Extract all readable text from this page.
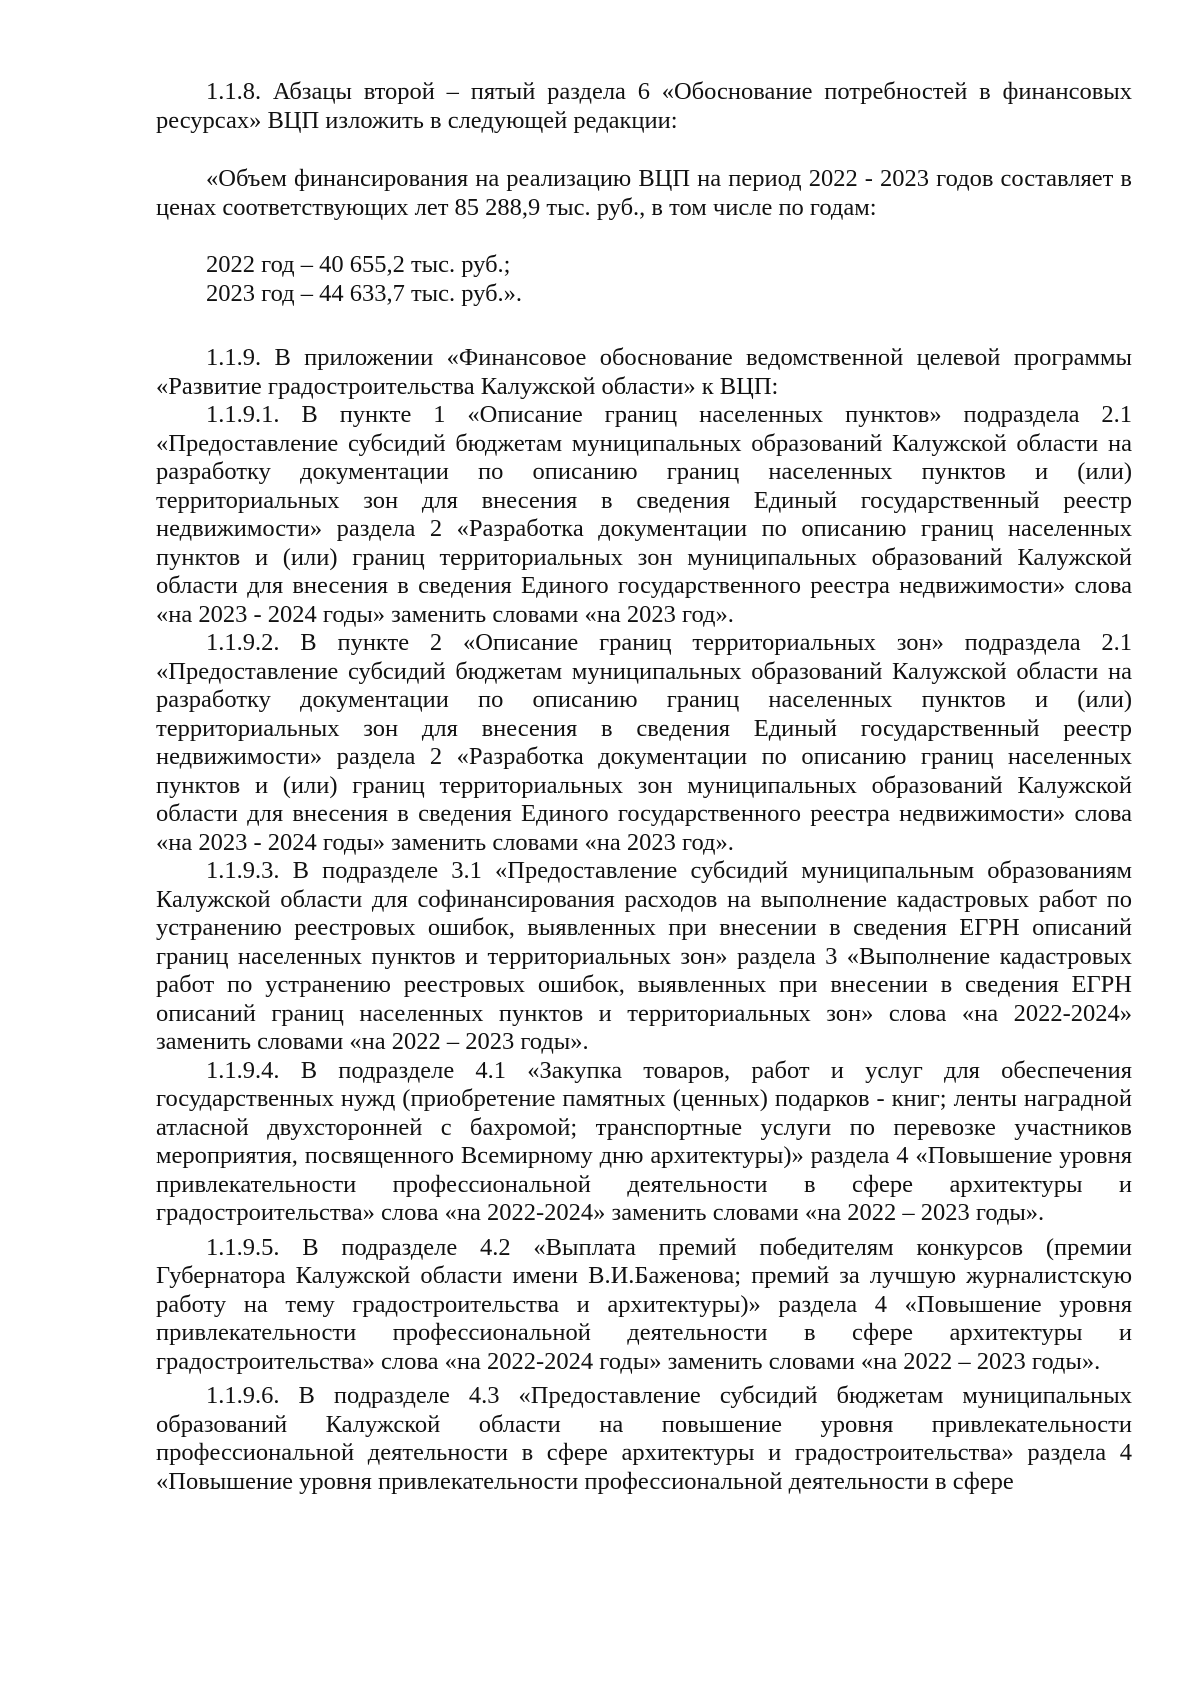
1.1.8. Абзацы второй – пятый раздела 6 «Обоснование потребностей в финансовых ресурсах» ВЦП изложить в следующей редакции:

«Объем финансирования на реализацию ВЦП на период 2022 - 2023 годов составляет в ценах соответствующих лет 85 288,9 тыс. руб., в том числе по годам:

2022 год – 40 655,2 тыс. руб.;

2023 год – 44 633,7 тыс. руб.».

1.1.9. В приложении «Финансовое обоснование ведомственной целевой программы «Развитие градостроительства Калужской области» к ВЦП:

1.1.9.1. В пункте 1 «Описание границ населенных пунктов» подраздела 2.1 «Предоставление субсидий бюджетам муниципальных образований Калужской области на разработку документации по описанию границ населенных пунктов и (или) территориальных зон для внесения в сведения Единый государственный реестр недвижимости» раздела 2 «Разработка документации по описанию границ населенных пунктов и (или) границ территориальных зон муниципальных образований Калужской области для внесения в сведения Единого государственного реестра недвижимости» слова «на 2023 - 2024 годы» заменить словами «на 2023 год».

1.1.9.2. В пункте 2 «Описание границ территориальных зон» подраздела 2.1 «Предоставление субсидий бюджетам муниципальных образований Калужской области на разработку документации по описанию границ населенных пунктов и (или) территориальных зон для внесения в сведения Единый государственный реестр недвижимости» раздела 2 «Разработка документации по описанию границ населенных пунктов и (или) границ территориальных зон муниципальных образований Калужской области для внесения в сведения Единого государственного реестра недвижимости» слова «на 2023 - 2024 годы» заменить словами «на 2023 год».

1.1.9.3. В подразделе 3.1 «Предоставление субсидий муниципальным образованиям Калужской области для софинансирования расходов на выполнение кадастровых работ по устранению реестровых ошибок, выявленных при внесении в сведения ЕГРН описаний границ населенных пунктов и территориальных зон» раздела 3 «Выполнение кадастровых работ по устранению реестровых ошибок, выявленных при внесении в сведения ЕГРН описаний границ населенных пунктов и территориальных зон» слова «на 2022-2024» заменить словами «на 2022 – 2023 годы».

1.1.9.4. В подразделе 4.1 «Закупка товаров, работ и услуг для обеспечения государственных нужд (приобретение памятных (ценных) подарков - книг; ленты наградной атласной двухсторонней с бахромой; транспортные услуги по перевозке участников мероприятия, посвященного Всемирному дню архитектуры)» раздела 4 «Повышение уровня привлекательности профессиональной деятельности в сфере архитектуры и градостроительства» слова «на 2022-2024» заменить словами «на 2022 – 2023 годы».

1.1.9.5. В подразделе 4.2 «Выплата премий победителям конкурсов (премии Губернатора Калужской области имени В.И.Баженова; премий за лучшую журналистскую работу на тему градостроительства и архитектуры)» раздела 4 «Повышение уровня привлекательности профессиональной деятельности в сфере архитектуры и градостроительства» слова «на 2022-2024 годы» заменить словами «на 2022 – 2023 годы».

1.1.9.6. В подразделе 4.3 «Предоставление субсидий бюджетам муниципальных образований Калужской области на повышение уровня привлекательности профессиональной деятельности в сфере архитектуры и градостроительства» раздела 4 «Повышение уровня привлекательности профессиональной деятельности в сфере
